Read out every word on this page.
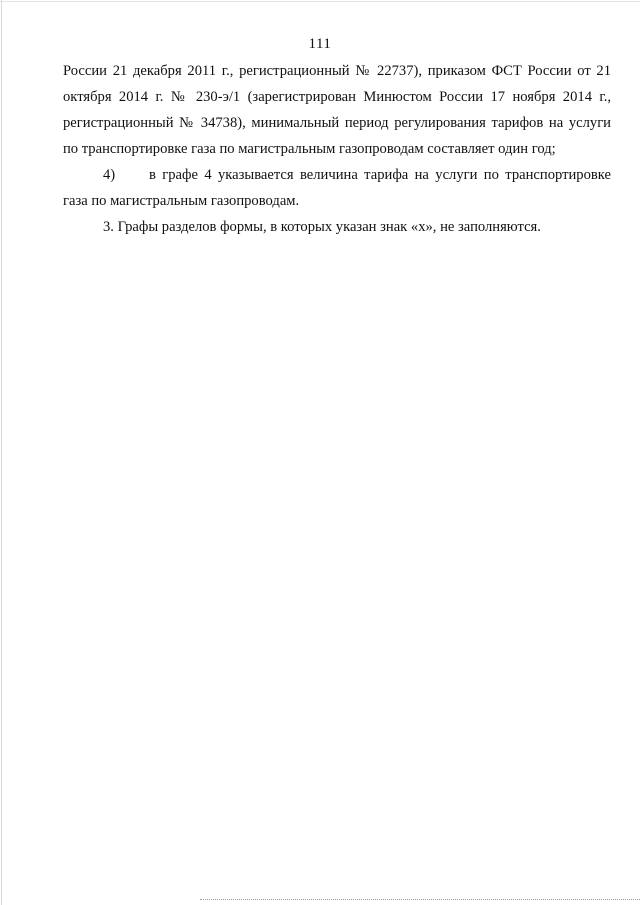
111

России 21 декабря 2011 г., регистрационный № 22737), приказом ФСТ России от 21
октября 2014 г. № 230-э/1 (зарегистрирован Минюстом России 17 ноября 2014 г.,
регистрационный № 34738), минимальный период регулирования тарифов на услуги
по транспортировке газа по магистральным газопроводам составляет один год;

4) в графе 4 указывается величина тарифа на услуги по транспортировке
газа по магистральным газопроводам.

3. Графы разделов формы, в которых указан знак «х», не заполняются.
